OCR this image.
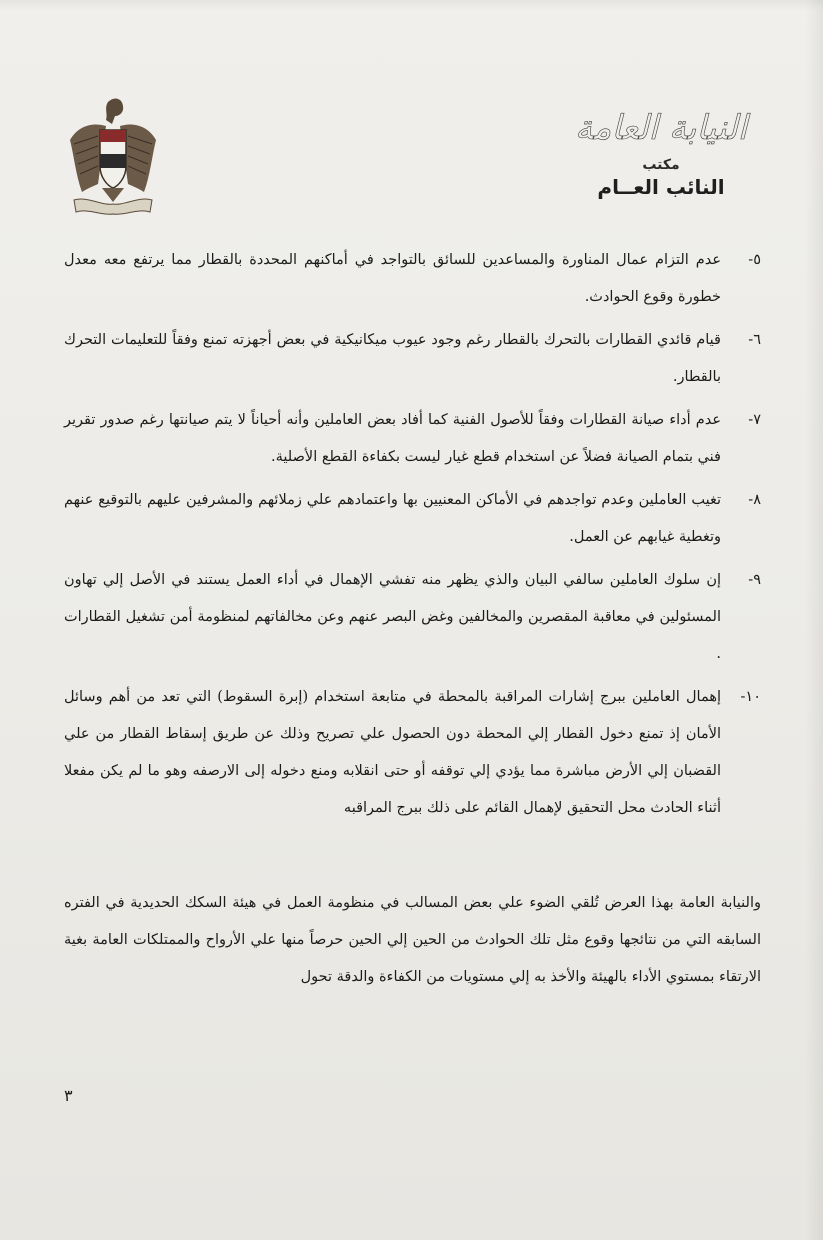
النيابة العامة
مكتب
النائب العــام
٥-
عدم التزام عمال المناورة والمساعدين للسائق بالتواجد في أماكنهم المحددة بالقطار مما يرتفع معه معدل خطورة وقوع الحوادث.
٦-
قيام قائدي القطارات بالتحرك بالقطار رغم وجود عيوب ميكانيكية في بعض أجهزته تمنع وفقاً للتعليمات التحرك بالقطار.
٧-
عدم أداء صيانة القطارات وفقاً للأصول الفنية كما أفاد بعض العاملين وأنه أحياناً لا يتم صيانتها رغم صدور تقرير فني بتمام الصيانة فضلاً عن استخدام قطع غيار ليست بكفاءة القطع الأصلية.
٨-
تغيب العاملين وعدم تواجدهم في الأماكن المعنيين بها واعتمادهم علي زملائهم والمشرفين عليهم بالتوقيع عنهم وتغطية غيابهم عن العمل.
٩-
إن سلوك العاملين سالفي البيان والذي يظهر منه تفشي الإهمال في أداء العمل يستند في الأصل إلي تهاون المسئولين في معاقبة المقصرين والمخالفين وغض البصر عنهم وعن مخالفاتهم لمنظومة أمن تشغيل القطارات .
١٠-
إهمال العاملين ببرج إشارات المراقبة بالمحطة في متابعة استخدام (إبرة السقوط) التي تعد من أهم وسائل الأمان إذ تمنع دخول القطار إلي المحطة دون الحصول علي تصريح وذلك عن طريق إسقاط القطار من علي القضبان إلي الأرض مباشرة مما يؤدي إلي توقفه أو حتى انقلابه ومنع دخوله إلى الارصفه وهو ما لم يكن مفعلا أثناء الحادث محل التحقيق لإهمال القائم على ذلك ببرج المراقبه
والنيابة العامة بهذا العرض تُلقي الضوء علي بعض المسالب في منظومة العمل في هيئة السكك الحديدية في الفتره السابقه التي من نتائجها وقوع مثل تلك الحوادث من الحين إلي الحين حرصاً منها علي الأرواح والممتلكات العامة بغية الارتقاء بمستوي الأداء بالهيئة والأخذ به إلي مستويات من الكفاءة والدقة تحول
٣
